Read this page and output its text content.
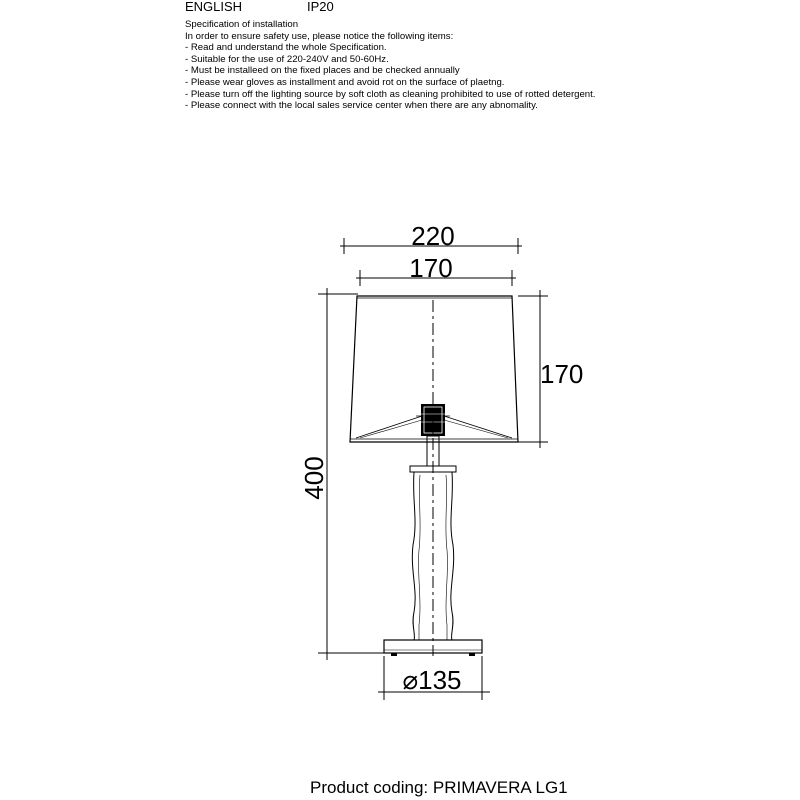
ENGLISH	IP20
Specification of installation
In order to ensure safety use, please notice the following items:
- Read and understand the whole Specification.
- Suitable for the use of 220-240V and 50-60Hz.
- Must be installeed on the fixed places and be checked annually
- Please wear gloves as installment and avoid rot on the surface of plaetng.
- Please turn off the lighting source by soft cloth as cleaning prohibited to use of rotted detergent.
- Please connect with the local sales service center when there are any abnomality.
220
170
170
400
⌀135
Product coding: PRIMAVERA LG1
